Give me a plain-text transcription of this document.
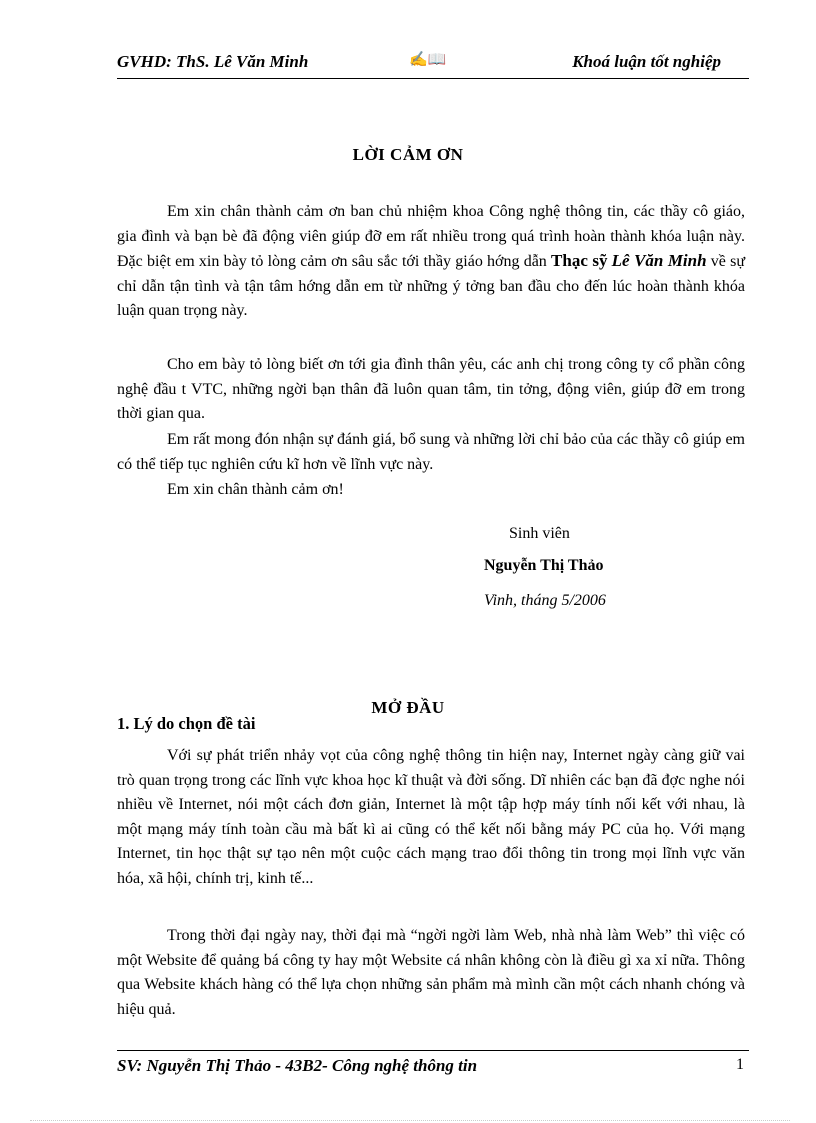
GVHD: ThS. Lê Văn Minh	✍📖	Khoá luận tốt nghiệp
LỜI CẢM ƠN

Em xin chân thành cảm ơn ban chủ nhiệm khoa Công nghệ thông tin, các thầy cô giáo, gia đình và bạn bè đã động viên giúp đỡ em rất nhiều trong quá trình hoàn thành khóa luận này. Đặc biệt em xin bày tỏ lòng cảm ơn sâu sắc tới thầy giáo hớng dẫn Thạc sỹ Lê Văn Minh về sự chỉ dẫn tận tình và tận tâm hớng dẫn em từ những ý tởng ban đầu cho đến lúc hoàn thành khóa luận quan trọng này.

Cho em bày tỏ lòng biết ơn tới gia đình thân yêu, các anh chị trong công ty cổ phần công nghệ đầu t VTC, những ngời bạn thân đã luôn quan tâm, tin tởng, động viên, giúp đỡ em trong thời gian qua.

Em rất mong đón nhận sự đánh giá, bổ sung và những lời chỉ bảo của các thầy cô giúp em có thể tiếp tục nghiên cứu kĩ hơn về lĩnh vực này.

Em xin chân thành cảm ơn!

Sinh viên
Nguyễn Thị Thảo
Vinh, tháng 5/2006
MỞ ĐẦU
1. Lý do chọn đề tài

Với sự phát triển nhảy vọt của công nghệ thông tin hiện nay, Internet ngày càng giữ vai trò quan trọng trong các lĩnh vực khoa học kĩ thuật và đời sống. Dĩ nhiên các bạn đã đợc nghe nói nhiều về Internet, nói một cách đơn giản, Internet là một tập hợp máy tính nối kết với nhau, là một mạng máy tính toàn cầu mà bất kì ai cũng có thể kết nối bằng máy PC của họ. Với mạng Internet, tin học thật sự tạo nên một cuộc cách mạng trao đổi thông tin trong mọi lĩnh vực văn hóa, xã hội, chính trị, kinh tế...

Trong thời đại ngày nay, thời đại mà “ngời ngời làm Web, nhà nhà làm Web” thì việc có một Website để quảng bá công ty hay một Website cá nhân không còn là điều gì xa xỉ nữa. Thông qua Website khách hàng có thể lựa chọn những sản phẩm mà mình cần một cách nhanh chóng và hiệu quả.

SV: Nguyễn Thị Thảo - 43B2- Công nghệ thông tin	1
